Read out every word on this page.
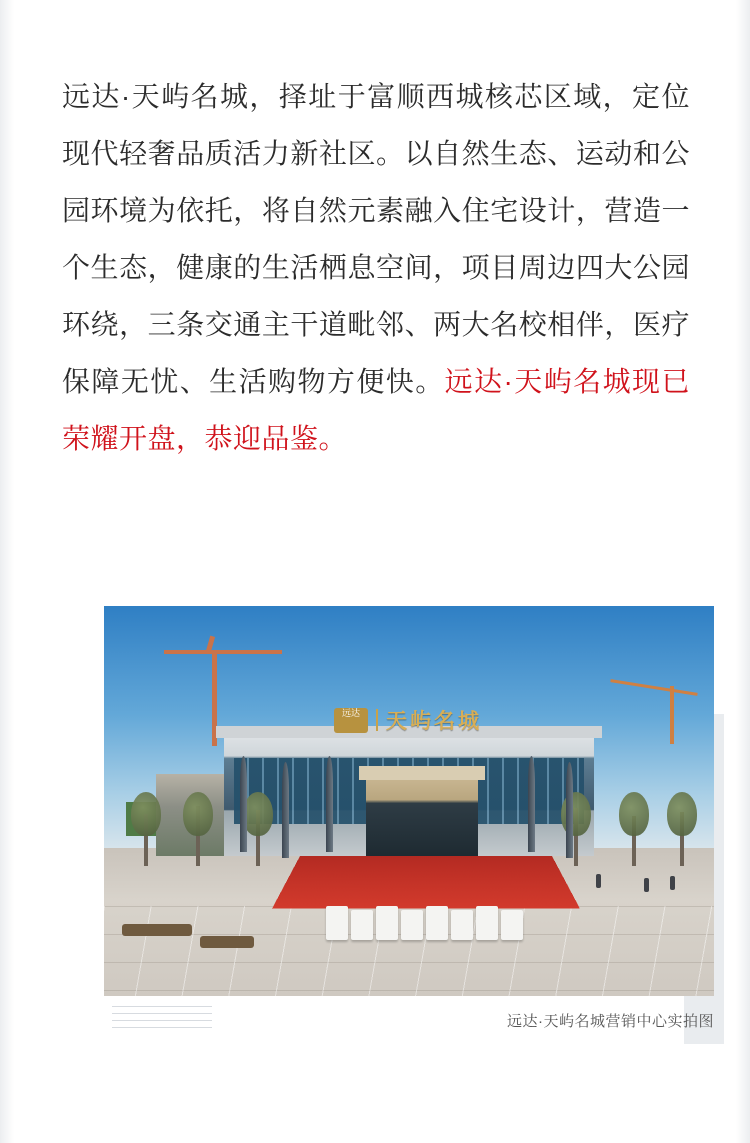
远达·天屿名城，择址于富顺西城核芯区域，定位现代轻奢品质活力新社区。以自然生态、运动和公园环境为依托，将自然元素融入住宅设计，营造一个生态，健康的生活栖息空间，项目周边四大公园环绕，三条交通主干道毗邻、两大名校相伴，医疗保障无忧、生活购物方便快。远达·天屿名城现已荣耀开盘，恭迎品鉴。

远达	天屿名城
远达·天屿名城营销中心实拍图
